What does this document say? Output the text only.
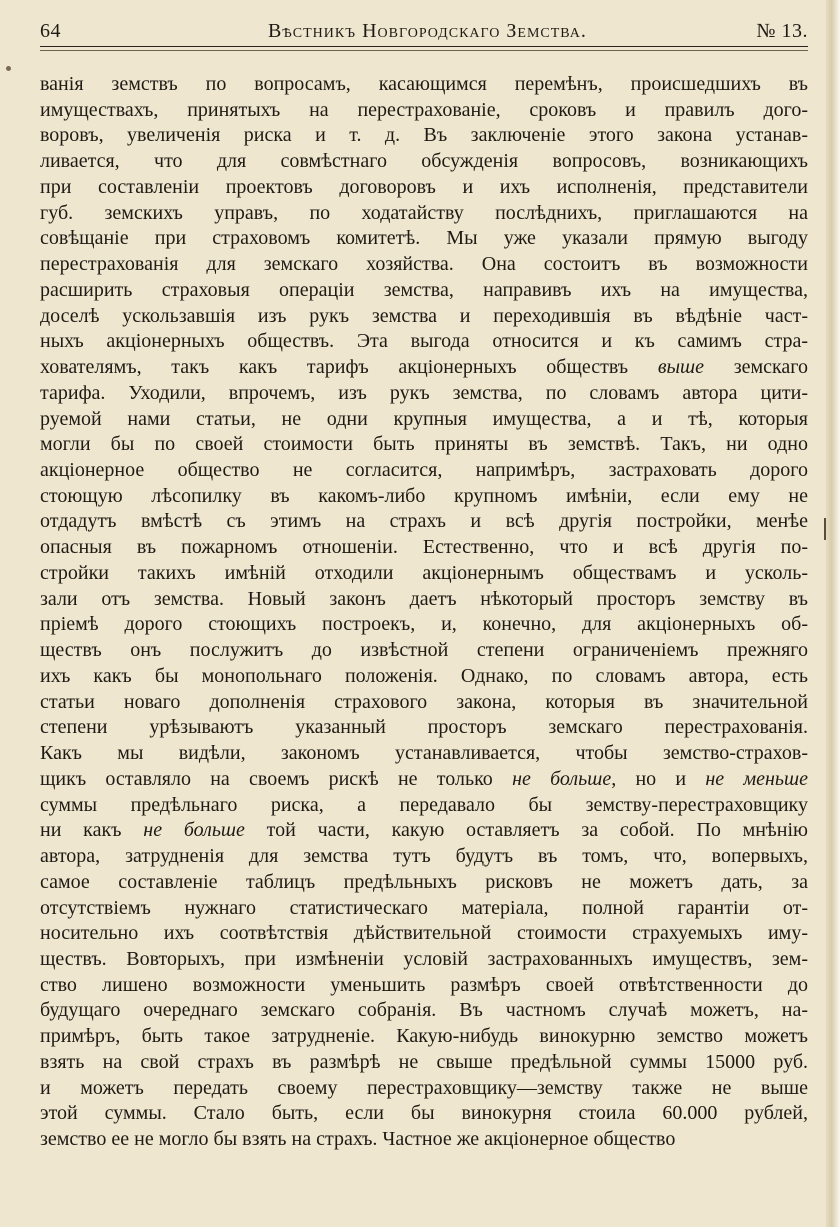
64	Вѣстникъ Новгородскаго Земства.	№ 13.
ванія земствъ по вопросамъ, касающимся перемѣнъ, происшедшихъ въ
имуществахъ, принятыхъ на перестрахованіе, сроковъ и правилъ дого-
воровъ, увеличенія риска и т. д. Въ заключеніе этого закона устанав-
ливается, что для совмѣстнаго обсужденія вопросовъ, возникающихъ
при составленіи проектовъ договоровъ и ихъ исполненія, представители
губ. земскихъ управъ, по ходатайству послѣднихъ, приглашаются на
совѣщаніе при страховомъ комитетѣ. Мы уже указали прямую выгоду
перестрахованія для земскаго хозяйства. Она состоитъ въ возможности
расширить страховыя операціи земства, направивъ ихъ на имущества,
доселѣ ускользавшія изъ рукъ земства и переходившія въ вѣдѣніе част-
ныхъ акціонерныхъ обществъ. Эта выгода относится и къ самимъ стра-
хователямъ, такъ какъ тарифъ акціонерныхъ обществъ выше земскаго
тарифа. Уходили, впрочемъ, изъ рукъ земства, по словамъ автора цити-
руемой нами статьи, не одни крупныя имущества, а и тѣ, которыя
могли бы по своей стоимости быть приняты въ земствѣ. Такъ, ни одно
акціонерное общество не согласится, напримѣръ, застраховать дорого
стоющую лѣсопилку въ какомъ-либо крупномъ имѣніи, если ему не
отдадутъ вмѣстѣ съ этимъ на страхъ и всѣ другія постройки, менѣе
опасныя въ пожарномъ отношеніи. Естественно, что и всѣ другія по-
стройки такихъ имѣній отходили акціонернымъ обществамъ и усколь-
зали отъ земства. Новый законъ даетъ нѣкоторый просторъ земству въ
пріемѣ дорого стоющихъ построекъ, и, конечно, для акціонерныхъ об-
ществъ онъ послужитъ до извѣстной степени ограниченіемъ прежняго
ихъ какъ бы монопольнаго положенія. Однако, по словамъ автора, есть
статьи новаго дополненія страхового закона, которыя въ значительной
степени урѣзываютъ указанный просторъ земскаго перестрахованія.
Какъ мы видѣли, закономъ устанавливается, чтобы земство-страхов-
щикъ оставляло на своемъ рискѣ не только не больше, но и не меньше
суммы предѣльнаго риска, а передавало бы земству-перестраховщику
ни какъ не больше той части, какую оставляетъ за собой. По мнѣнію
автора, затрудненія для земства тутъ будутъ въ томъ, что, вопервыхъ,
самое составленіе таблицъ предѣльныхъ рисковъ не можетъ дать, за
отсутствіемъ нужнаго статистическаго матеріала, полной гарантіи от-
носительно ихъ соотвѣтствія дѣйствительной стоимости страхуемыхъ иму-
ществъ. Вовторыхъ, при измѣненіи условій застрахованныхъ имуществъ, зем-
ство лишено возможности уменьшить размѣръ своей отвѣтственности до
будущаго очереднаго земскаго собранія. Въ частномъ случаѣ можетъ, на-
примѣръ, быть такое затрудненіе. Какую-нибудь винокурню земство можетъ
взять на свой страхъ въ размѣрѣ не свыше предѣльной суммы 15000 руб.
и можетъ передать своему перестраховщику—земству также не выше
этой суммы. Стало быть, если бы винокурня стоила 60.000 рублей,
земство ее не могло бы взять на страхъ. Частное же акціонерное общество
